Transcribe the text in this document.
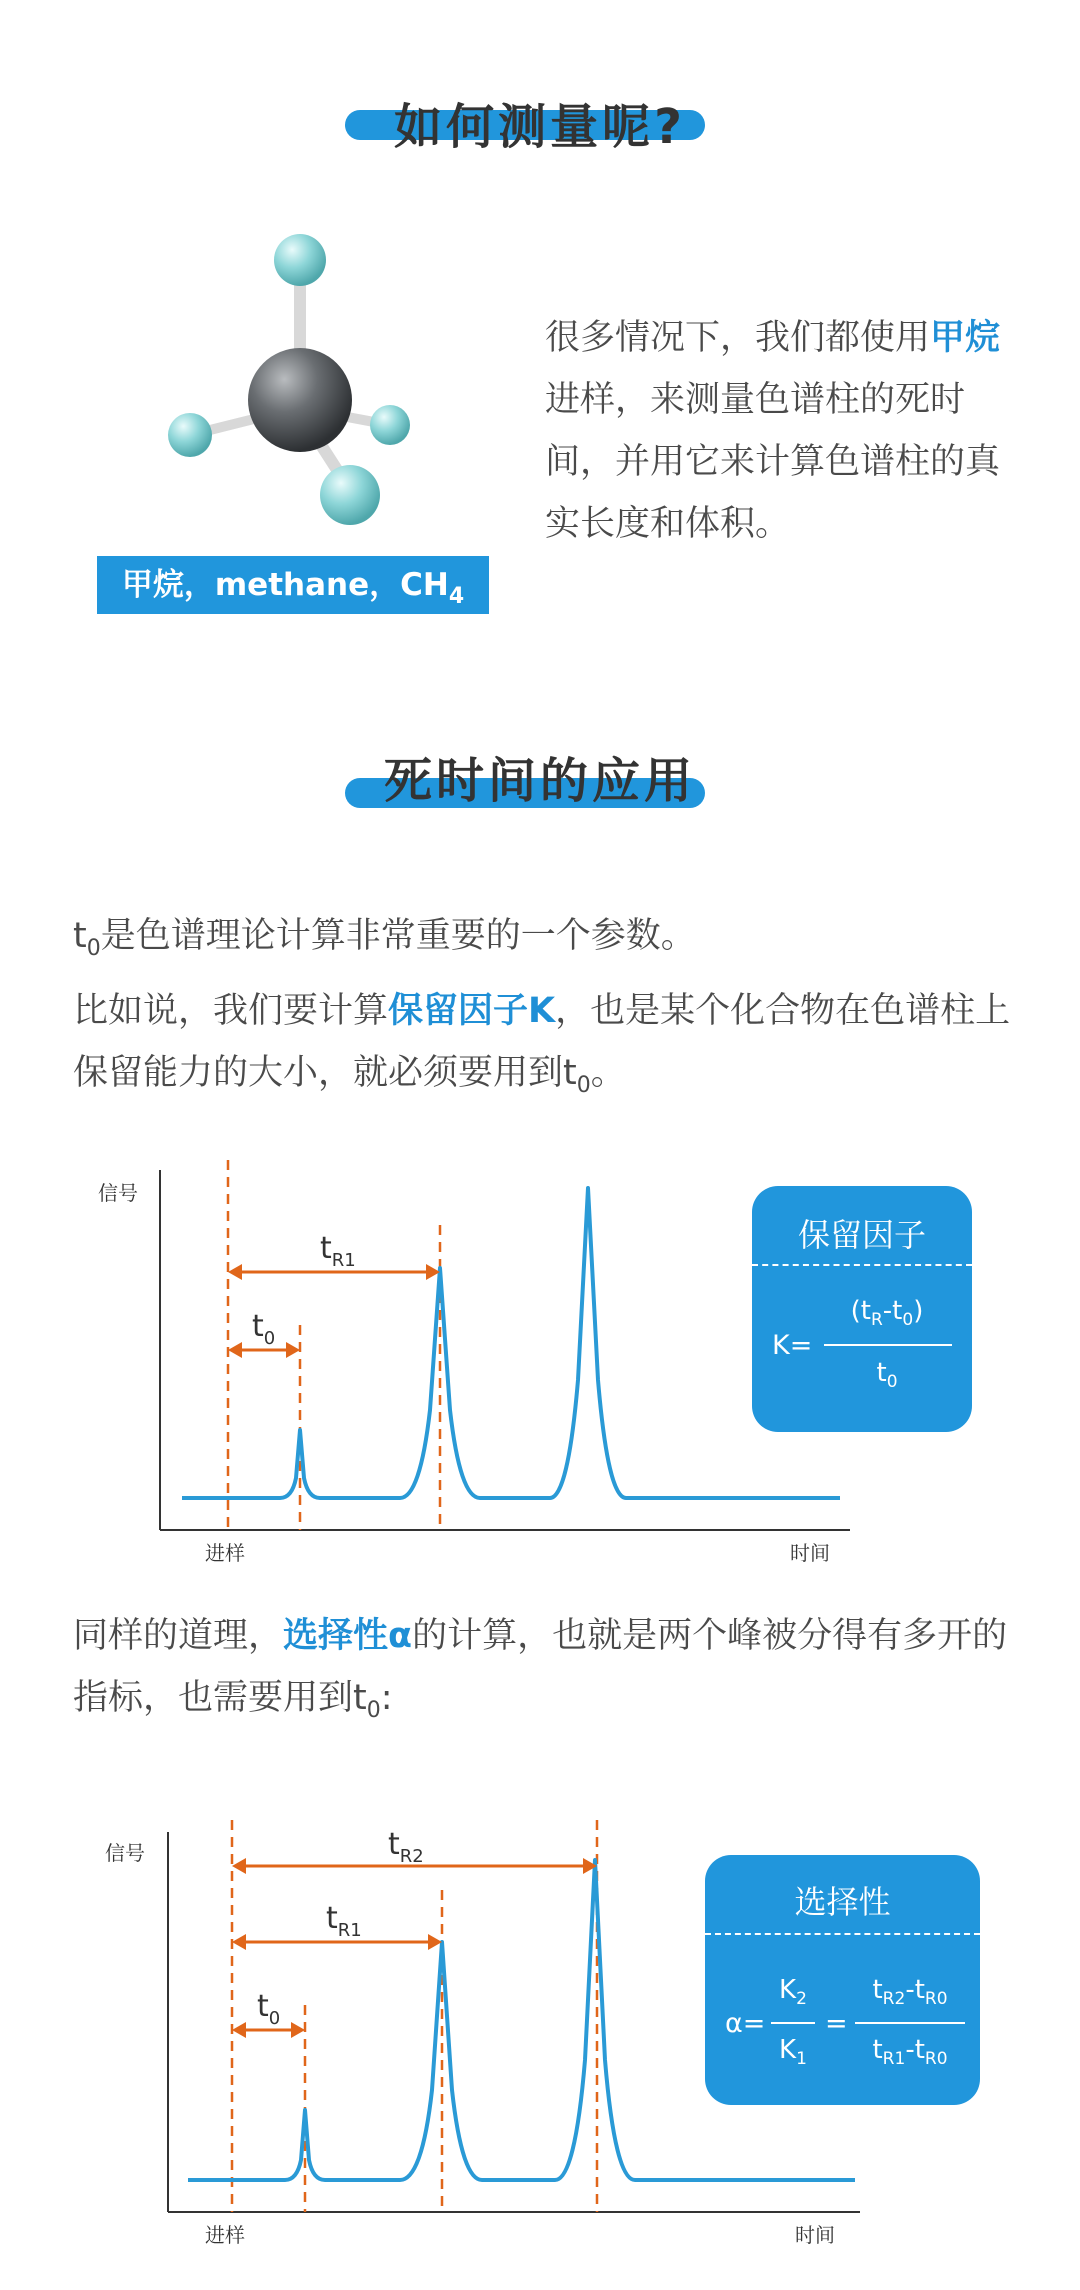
如何测量呢?
甲烷，methane，$CH_4$
很多情况下，我们都使用甲烷进样，来测量色谱柱的死时间，并用它来计算色谱柱的真实长度和体积。
死时间的应用
$t_0$是色谱理论计算非常重要的一个参数。
比如说，我们要计算保留因子K，也是某个化合物在色谱柱上保留能力的大小，就必须要用到$t_0$。
信号
进样	时间
$t_{R1}$
$t_0$
保留因子
K=
$(t_R-t_0)$
$t_0$
同样的道理，选择性α的计算，也就是两个峰被分得有多开的指标，也需要用到$t_0$:
信号
进样	时间
$t_{R2}$
$t_{R1}$
$t_0$
选择性
α=
$K_2$
$K_1$
=
$t_{R2}-t_{R0}$
$t_{R1}-t_{R0}$
